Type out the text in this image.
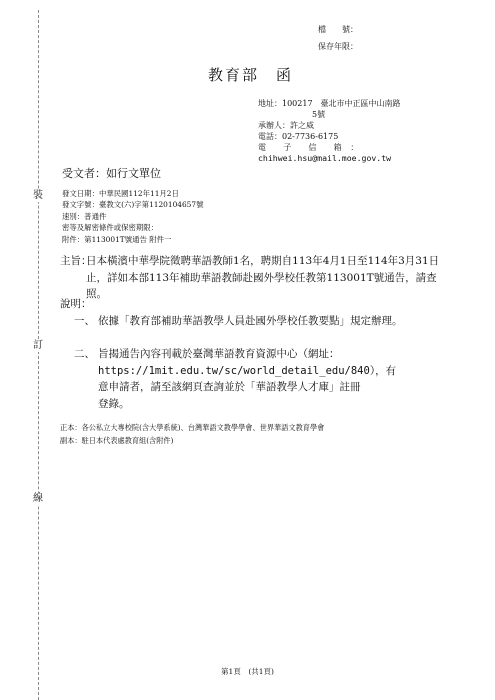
裝
訂
線
檔　　號：
保存年限：
教育部　函
地址：100217　臺北市中正區中山南路
5號
承辦人：許之威
電話：02-7736-6175
電　　子　　信　　箱　：
chihwei.hsu@mail.moe.gov.tw
受文者：如行文單位
發文日期：中華民國112年11月2日
發文字號：臺教文(六)字第1120104657號
速別：普通件
密等及解密條件或保密期限：
附件：第113001T號通告 附件一
主旨：
日本橫濱中華學院徵聘華語教師1名，聘期自113年4月1日至114年3月31日止，詳如本部113年補助華語教師赴國外學校任教第113001T號通告，請查照。
說明：
一、 依據「教育部補助華語教學人員赴國外學校任教要點」規定辦理。
二、 旨揭通告內容刊載於臺灣華語教育資源中心（網址：
https://1mit.edu.tw/sc/world_detail_edu/840），有
意申請者，請至該網頁查詢並於「華語教學人才庫」註冊
登錄。
正本：各公私立大專校院(含大學系統)、台灣華語文教學學會、世界華語文教育學會
副本：駐日本代表處教育組(含附件)
第1頁　(共1頁)
